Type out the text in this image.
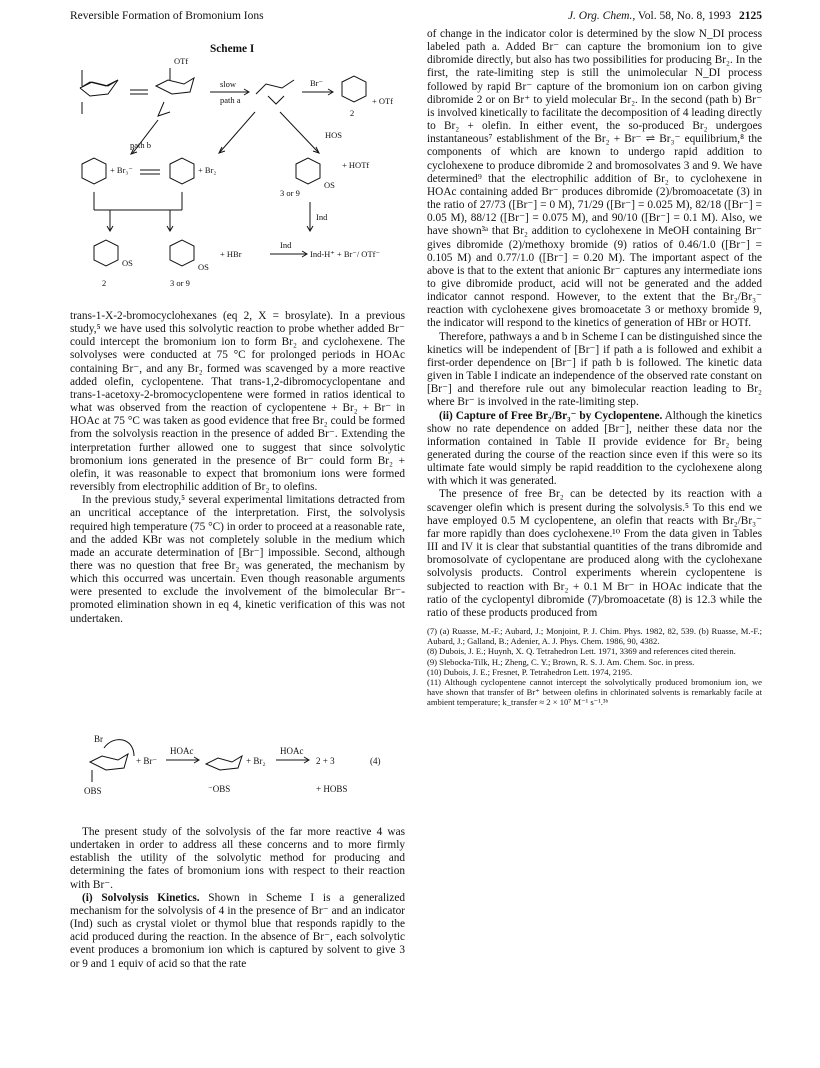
Reversible Formation of Bromonium Ions	J. Org. Chem., Vol. 58, No. 8, 1993 2125
Scheme I
slow
path a
path b
Br⁻
HOS
OTf
+ OTf
2
+ Br₃⁻	+ Br₂	+ HOTf
OS
3 or 9
Ind
+ HBr
Ind
Ind-H⁺ + Br⁻/ OTf⁻
OS	OS
2	3 or 9

trans-1-X-2-bromocyclohexanes (eq 2, X = brosylate). In a previous study,⁵ we have used this solvolytic reaction to probe whether added Br⁻ could intercept the bromonium ion to form Br₂ and cyclohexene. The solvolyses were conducted at 75 °C for prolonged periods in HOAc containing Br⁻, and any Br₂ formed was scavenged by a more reactive added olefin, cyclopentene. That trans-1,2-dibromocyclopentane and trans-1-acetoxy-2-bromocyclopentene were formed in ratios identical to what was observed from the reaction of cyclopentene + Br₂ + Br⁻ in HOAc at 75 °C was taken as good evidence that free Br₂ could be formed from the solvolysis reaction in the presence of added Br⁻. Extending the interpretation further allowed one to suggest that since solvolytic bromonium ions generated in the presence of Br⁻ could form Br₂ + olefin, it was reasonable to expect that bromonium ions were formed reversibly from electrophilic addition of Br₂ to olefins.

In the previous study,⁵ several experimental limitations detracted from an uncritical acceptance of the interpretation. First, the solvolysis required high temperature (75 °C) in order to proceed at a reasonable rate, and the added KBr was not completely soluble in the medium which made an accurate determination of [Br⁻] impossible. Second, although there was no question that free Br₂ was generated, the mechanism by which this occurred was uncertain. Even though reasonable arguments were presented to exclude the involvement of the bimolecular Br⁻-promoted elimination shown in eq 4, kinetic verification of this was not undertaken.

Br
+ Br⁻
HOAc
+ Br₂
HOAc
2 + 3	(4)
OBS	⁻OBS	+ HOBS

The present study of the solvolysis of the far more reactive 4 was undertaken in order to address all these concerns and to more firmly establish the utility of the solvolytic method for producing and determining the fates of bromonium ions with respect to their reaction with Br⁻.

(i) Solvolysis Kinetics. Shown in Scheme I is a generalized mechanism for the solvolysis of 4 in the presence of Br⁻ and an indicator (Ind) such as crystal violet or thymol blue that responds rapidly to the acid produced during the reaction. In the absence of Br⁻, each solvolytic event produces a bromonium ion which is captured by solvent to give 3 or 9 and 1 equiv of acid so that the rate

of change in the indicator color is determined by the slow N_DI process labeled path a. Added Br⁻ can capture the bromonium ion to give dibromide directly, but also has two possibilities for producing Br₂. In the first, the rate-limiting step is still the unimolecular N_DI process followed by rapid Br⁻ capture of the bromonium ion on carbon giving dibromide 2 or on Br⁺ to yield molecular Br₂. In the second (path b) Br⁻ is involved kinetically to facilitate the decomposition of 4 leading directly to Br₂ + olefin. In either event, the so-produced Br₂ undergoes instantaneous⁷ establishment of the Br₂ + Br⁻ ⇌ Br₃⁻ equilibrium,⁸ the components of which are known to undergo rapid addition to cyclohexene to produce dibromide 2 and bromosolvates 3 and 9. We have determined⁹ that the electrophilic addition of Br₂ to cyclohexene in HOAc containing added Br⁻ produces dibromide (2)/bromoacetate (3) in the ratio of 27/73 ([Br⁻] = 0 M), 71/29 ([Br⁻] = 0.025 M), 82/18 ([Br⁻] = 0.05 M), 88/12 ([Br⁻] = 0.075 M), and 90/10 ([Br⁻] = 0.1 M). Also, we have shown³ᵃ that Br₂ addition to cyclohexene in MeOH containing Br⁻ gives dibromide (2)/methoxy bromide (9) ratios of 0.46/1.0 ([Br⁻] = 0.105 M) and 0.77/1.0 ([Br⁻] = 0.20 M). The important aspect of the above is that to the extent that anionic Br⁻ captures any intermediate ions to give dibromide product, acid will not be generated and the added indicator cannot respond. However, to the extent that the Br₂/Br₃⁻ reaction with cyclohexene gives bromoacetate 3 or methoxy bromide 9, the indicator will respond to the kinetics of generation of HBr or HOTf.

Therefore, pathways a and b in Scheme I can be distinguished since the kinetics will be independent of [Br⁻] if path a is followed and exhibit a first-order dependence on [Br⁻] if path b is followed. The kinetic data given in Table I indicate an independence of the observed rate constant on [Br⁻] and therefore rule out any bimolecular reaction leading to Br₂ where Br⁻ is involved in the rate-limiting step.

(ii) Capture of Free Br₂/Br₃⁻ by Cyclopentene. Although the kinetics show no rate dependence on added [Br⁻], neither these data nor the information contained in Table II provide evidence for Br₂ being generated during the course of the reaction since even if this were so its ultimate fate would simply be rapid readdition to the cyclohexene along with which it was generated.

The presence of free Br₂ can be detected by its reaction with a scavenger olefin which is present during the solvolysis.⁵ To this end we have employed 0.5 M cyclopentene, an olefin that reacts with Br₂/Br₃⁻ far more rapidly than does cyclohexene.¹⁰ From the data given in Tables III and IV it is clear that substantial quantities of the trans dibromide and bromosolvate of cyclopentane are produced along with the cyclohexane solvolysis products. Control experiments wherein cyclopentene is subjected to reaction with Br₂ + 0.1 M Br⁻ in HOAc indicate that the ratio of the cyclopentyl dibromide (7)/bromoacetate (8) is 12.3 while the ratio of these products produced from

(7) (a) Ruasse, M.-F.; Aubard, J.; Monjoint, P. J. Chim. Phys. 1982, 82, 539. (b) Ruasse, M.-F.; Aubard, J.; Galland, B.; Adenier, A. J. Phys. Chem. 1986, 90, 4382.
(8) Dubois, J. E.; Huynh, X. Q. Tetrahedron Lett. 1971, 3369 and references cited therein.
(9) Slebocka-Tilk, H.; Zheng, C. Y.; Brown, R. S. J. Am. Chem. Soc. in press.
(10) Dubois, J. E.; Fresnet, P. Tetrahedron Lett. 1974, 2195.
(11) Although cyclopentene cannot intercept the solvolytically produced bromonium ion, we have shown that transfer of Br⁺ between olefins in chlorinated solvents is remarkably facile at ambient temperature; k_transfer ≈ 2 × 10⁷ M⁻¹ s⁻¹.³ᵇ
